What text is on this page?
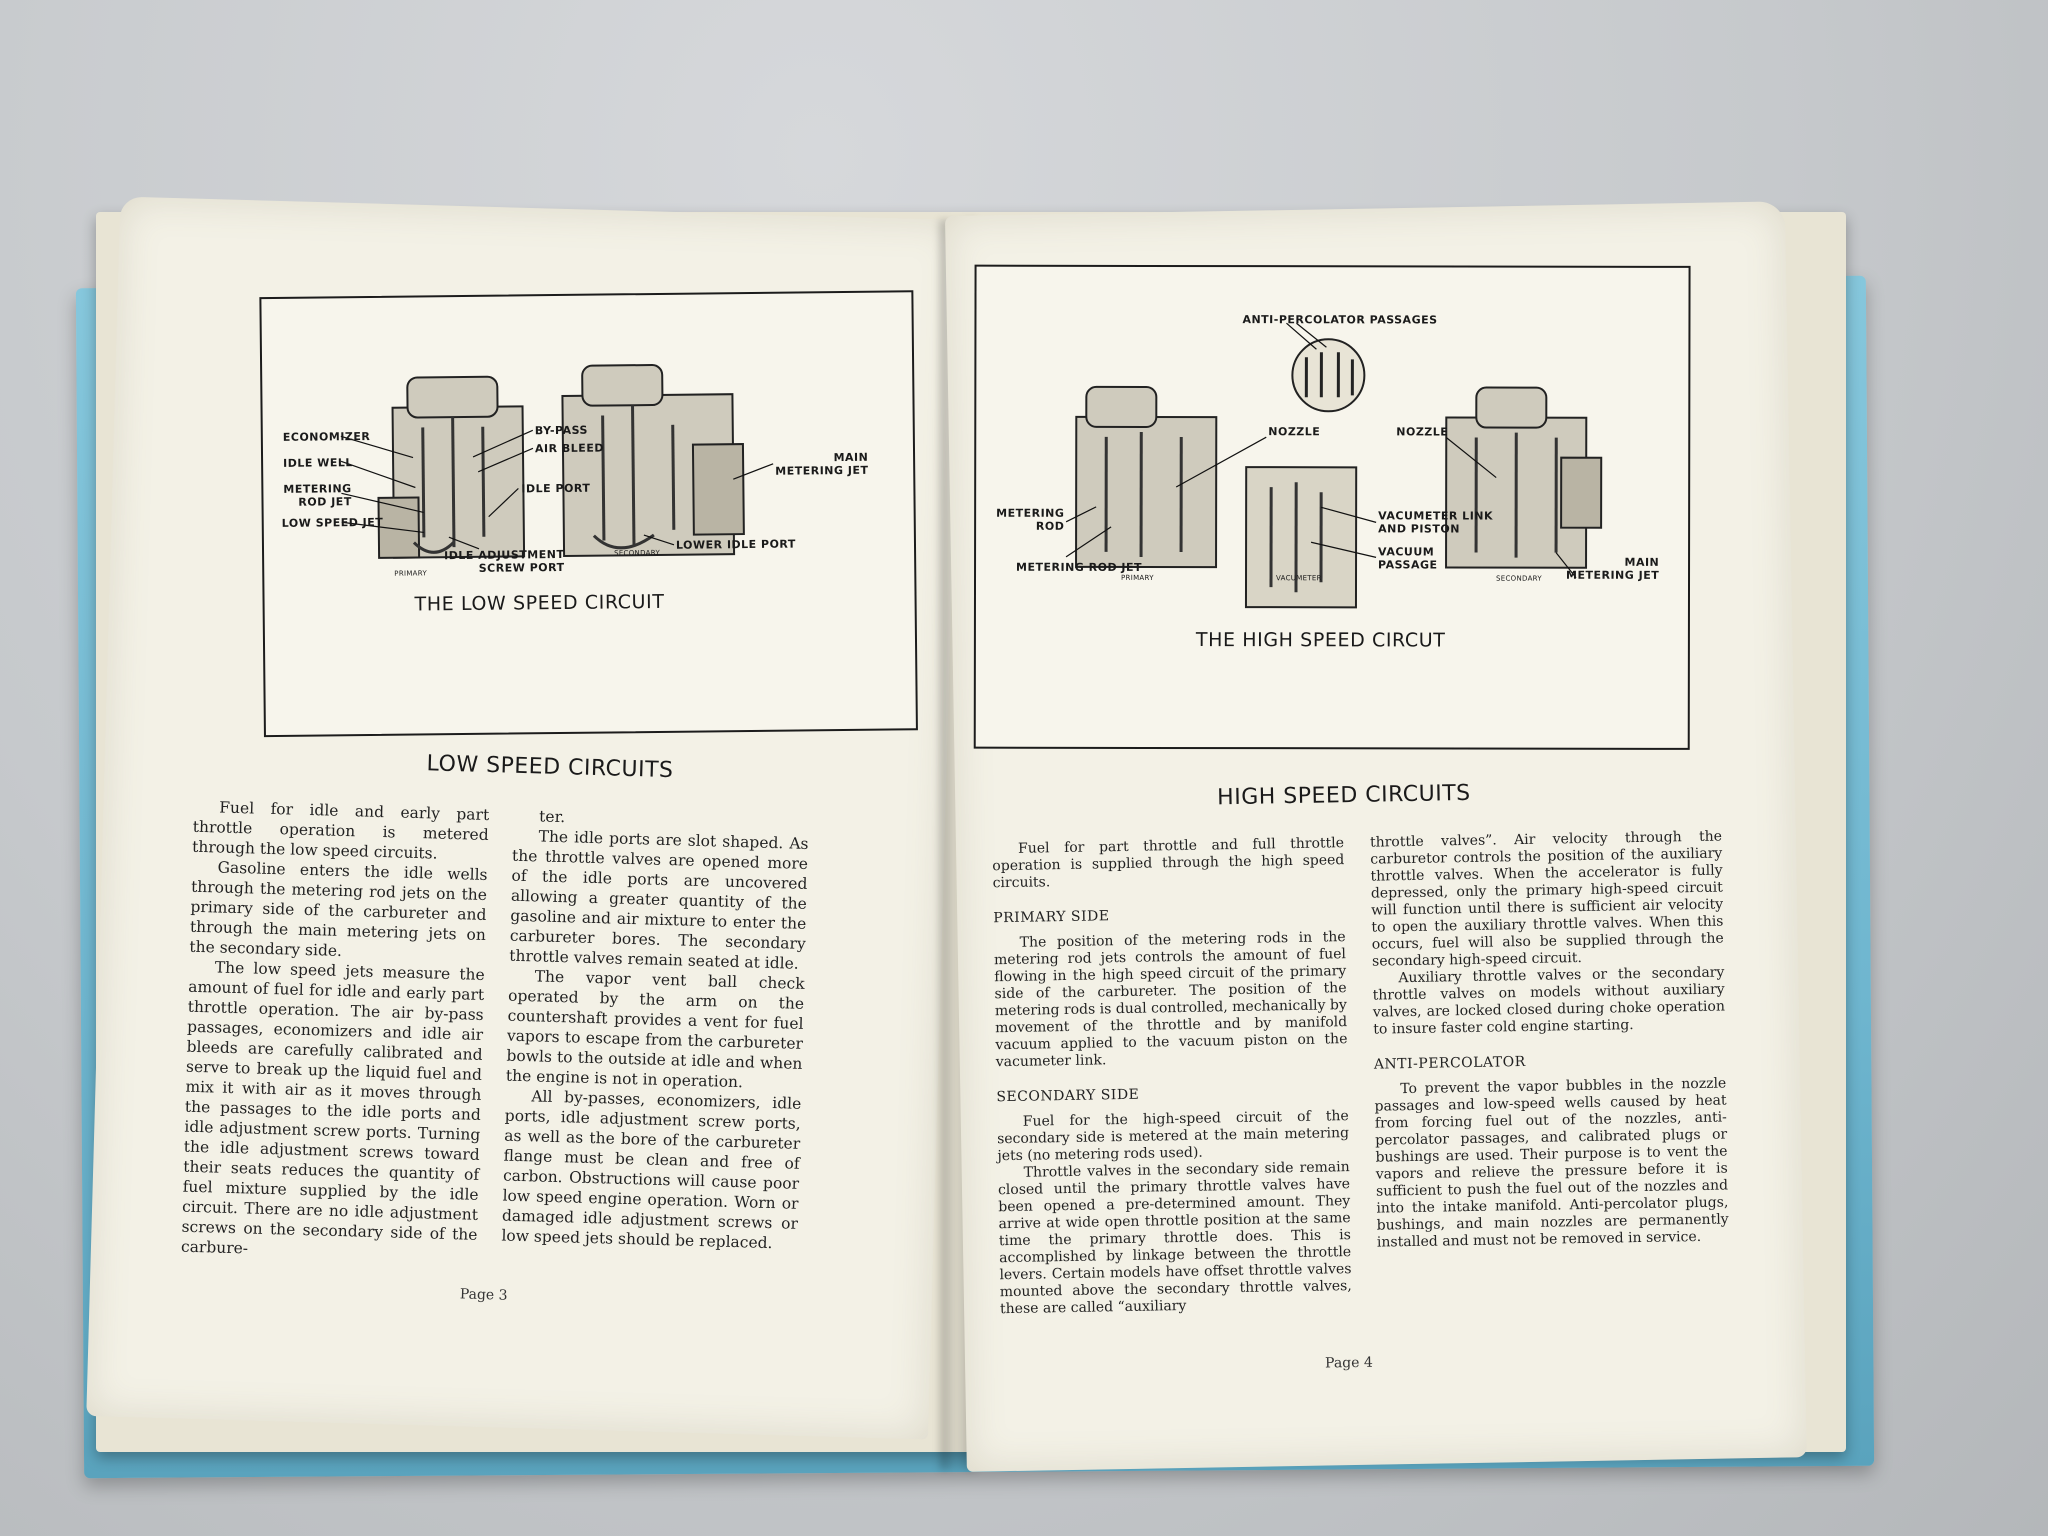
ECONOMIZER
IDLE WELL
METERING
ROD JET
LOW SPEED JET
BY-PASS
AIR BLEED
IDLE PORT
IDLE ADJUSTMENT
SCREW PORT
MAIN
METERING JET
LOWER IDLE PORT
PRIMARY
SECONDARY
THE LOW SPEED CIRCUIT
LOW SPEED CIRCUITS

Fuel for idle and early part throttle operation is metered through the low speed circuits.

Gasoline enters the idle wells through the metering rod jets on the primary side of the carbureter and through the main metering jets on the secondary side.

The low speed jets measure the amount of fuel for idle and early part throttle operation. The air by-pass passages, economizers and idle air bleeds are carefully calibrated and serve to break up the liquid fuel and mix it with air as it moves through the passages to the idle ports and idle adjustment screw ports. Turning the idle adjustment screws toward their seats reduces the quantity of fuel mixture supplied by the idle circuit. There are no idle adjustment screws on the secondary side of the carbure-

ter.

The idle ports are slot shaped. As the throttle valves are opened more of the idle ports are uncovered allowing a greater quantity of the gasoline and air mixture to enter the carbureter bores. The secondary throttle valves remain seated at idle.

The vapor vent ball check operated by the arm on the countershaft provides a vent for fuel vapors to escape from the carbureter bowls to the outside at idle and when the engine is not in operation.

All by-passes, economizers, idle ports, idle adjustment screw ports, as well as the bore of the carbureter flange must be clean and free of carbon. Obstructions will cause poor low speed engine operation. Worn or damaged idle adjustment screws or low speed jets should be replaced.

Page 3
ANTI-PERCOLATOR PASSAGES
NOZZLE	NOZZLE
METERING
ROD
METERING ROD JET
VACUMETER LINK
AND PISTON
VACUUM
PASSAGE	MAIN
METERING JET
PRIMARY	VACUMETER	SECONDARY
THE HIGH SPEED CIRCUT
HIGH SPEED CIRCUITS

Fuel for part throttle and full throttle operation is supplied through the high speed circuits.

PRIMARY SIDE

The position of the metering rods in the metering rod jets controls the amount of fuel flowing in the high speed circuit of the primary side of the carbureter. The position of the metering rods is dual controlled, mechanically by movement of the throttle and by manifold vacuum applied to the vacuum piston on the vacumeter link.

SECONDARY SIDE

Fuel for the high-speed circuit of the secondary side is metered at the main metering jets (no metering rods used).

Throttle valves in the secondary side remain closed until the primary throttle valves have been opened a pre-determined amount. They arrive at wide open throttle position at the same time the primary throttle does. This is accomplished by linkage between the throttle levers. Certain models have offset throttle valves mounted above the secondary throttle valves, these are called “auxiliary

throttle valves”. Air velocity through the carburetor controls the position of the auxiliary throttle valves. When the accelerator is fully depressed, only the primary high-speed circuit will function until there is sufficient air velocity to open the auxiliary throttle valves. When this occurs, fuel will also be supplied through the secondary high-speed circuit.

Auxiliary throttle valves or the secondary throttle valves on models without auxiliary valves, are locked closed during choke operation to insure faster cold engine starting.

ANTI-PERCOLATOR

To prevent the vapor bubbles in the nozzle passages and low-speed wells caused by heat from forcing fuel out of the nozzles, anti-percolator passages, and calibrated plugs or bushings are used. Their purpose is to vent the vapors and relieve the pressure before it is sufficient to push the fuel out of the nozzles and into the intake manifold. Anti-percolator plugs, bushings, and main nozzles are permanently installed and must not be removed in service.

Page 4
